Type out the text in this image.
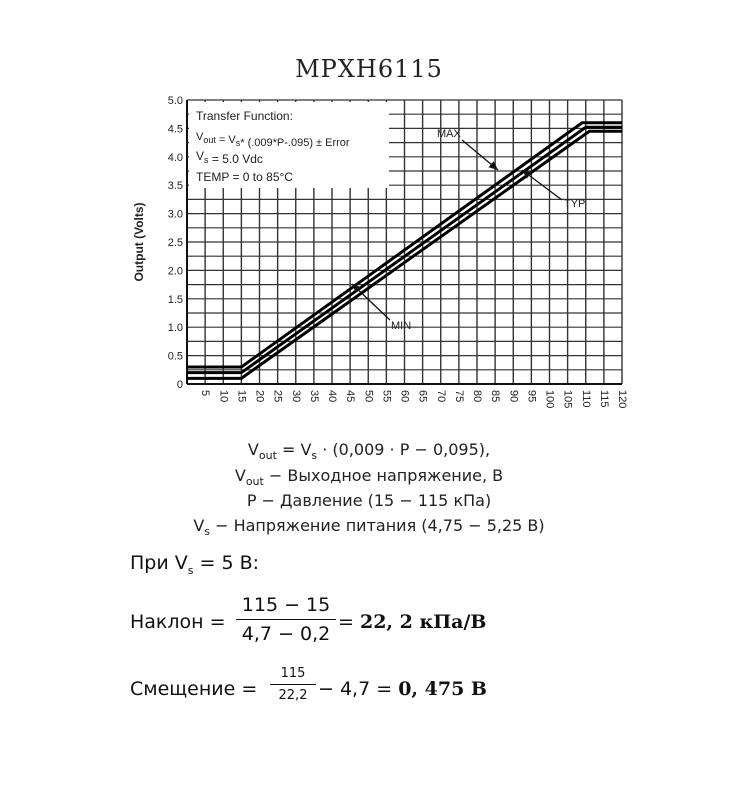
MPXH6115
0
0.5
1.0
1.5
2.0
2.5
3.0
3.5
4.0
4.5
5.0
5 10 15 20 25 30 35 40 45 50 55 60 65 70 75 80 85 90 95 100 105 110 115 120
Output (Volts)
Transfer Function:
$V_{out} = V_s*$ (.009*P-.095) ± Error
$V_s = 5.0$ Vdc
TEMP = 0 to 85°C
MAX
TYP
MIN
$V_{out} = V_s \cdot (0,009 \cdot P - 0,095)$,
$V_{out}$ − Выходное напряжение, В
P − Давление (15 − 115 кПа)
$V_s$ − Напряжение питания (4,75 − 5,25 В)
При $V_s = 5$ В:
Наклон =
115 − 15
4,7 − 0,2
= 22, 2 кПа/В
Смещение =
115
22,2 − 4,7 = 0, 475 В
